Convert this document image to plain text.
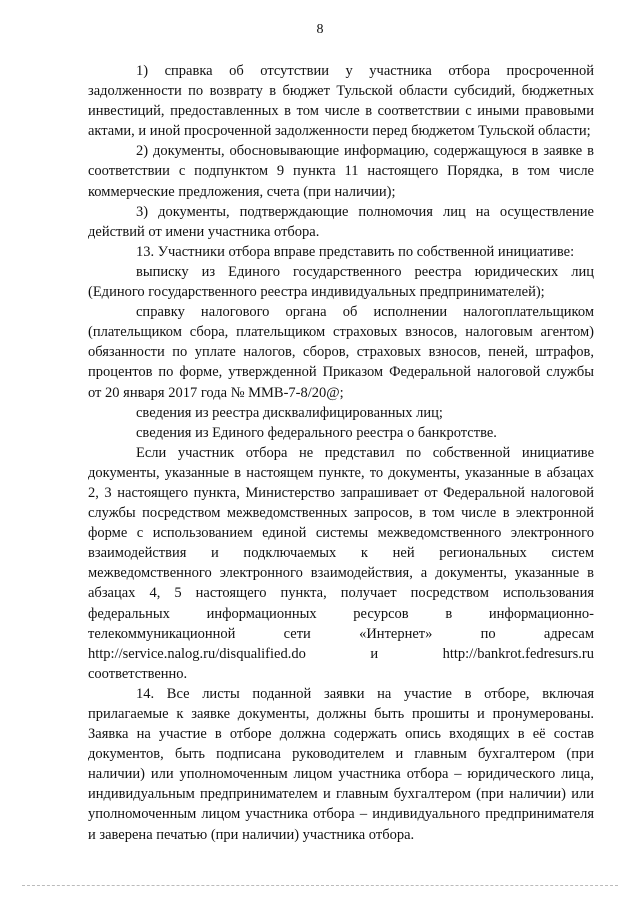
8

1) справка об отсутствии у участника отбора просроченной задолженности по возврату в бюджет Тульской области субсидий, бюджетных инвестиций, предоставленных в том числе в соответствии с иными правовыми актами, и иной просроченной задолженности перед бюджетом Тульской области;

2) документы, обосновывающие информацию, содержащуюся в заявке в соответствии с подпунктом 9 пункта 11 настоящего Порядка, в том числе коммерческие предложения, счета (при наличии);

3) документы, подтверждающие полномочия лиц на осуществление действий от имени участника отбора.

13. Участники отбора вправе представить по собственной инициативе:

выписку из Единого государственного реестра юридических лиц (Единого государственного реестра индивидуальных предпринимателей);

справку налогового органа об исполнении налогоплательщиком (плательщиком сбора, плательщиком страховых взносов, налоговым агентом) обязанности по уплате налогов, сборов, страховых взносов, пеней, штрафов, процентов по форме, утвержденной Приказом Федеральной налоговой службы от 20 января 2017 года № ММВ-7-8/20@;

сведения из реестра дисквалифицированных лиц;

сведения из Единого федерального реестра о банкротстве.

Если участник отбора не представил по собственной инициативе документы, указанные в настоящем пункте, то документы, указанные в абзацах 2, 3 настоящего пункта, Министерство запрашивает от Федеральной налоговой службы посредством межведомственных запросов, в том числе в электронной форме с использованием единой системы межведомственного электронного взаимодействия и подключаемых к ней региональных систем межведомственного электронного взаимодействия, а документы, указанные в абзацах 4, 5 настоящего пункта, получает посредством использования федеральных информационных ресурсов в информационно-телекоммуникационной сети «Интернет» по адресам

http://service.nalog.ru/disqualified.do	и	http://bankrot.fedresurs.ru

соответственно.

14. Все листы поданной заявки на участие в отборе, включая прилагаемые к заявке документы, должны быть прошиты и пронумерованы. Заявка на участие в отборе должна содержать опись входящих в её состав документов, быть подписана руководителем и главным бухгалтером (при наличии) или уполномоченным лицом участника отбора – юридического лица, индивидуальным предпринимателем и главным бухгалтером (при наличии) или уполномоченным лицом участника отбора – индивидуального предпринимателя и заверена печатью (при наличии) участника отбора.
